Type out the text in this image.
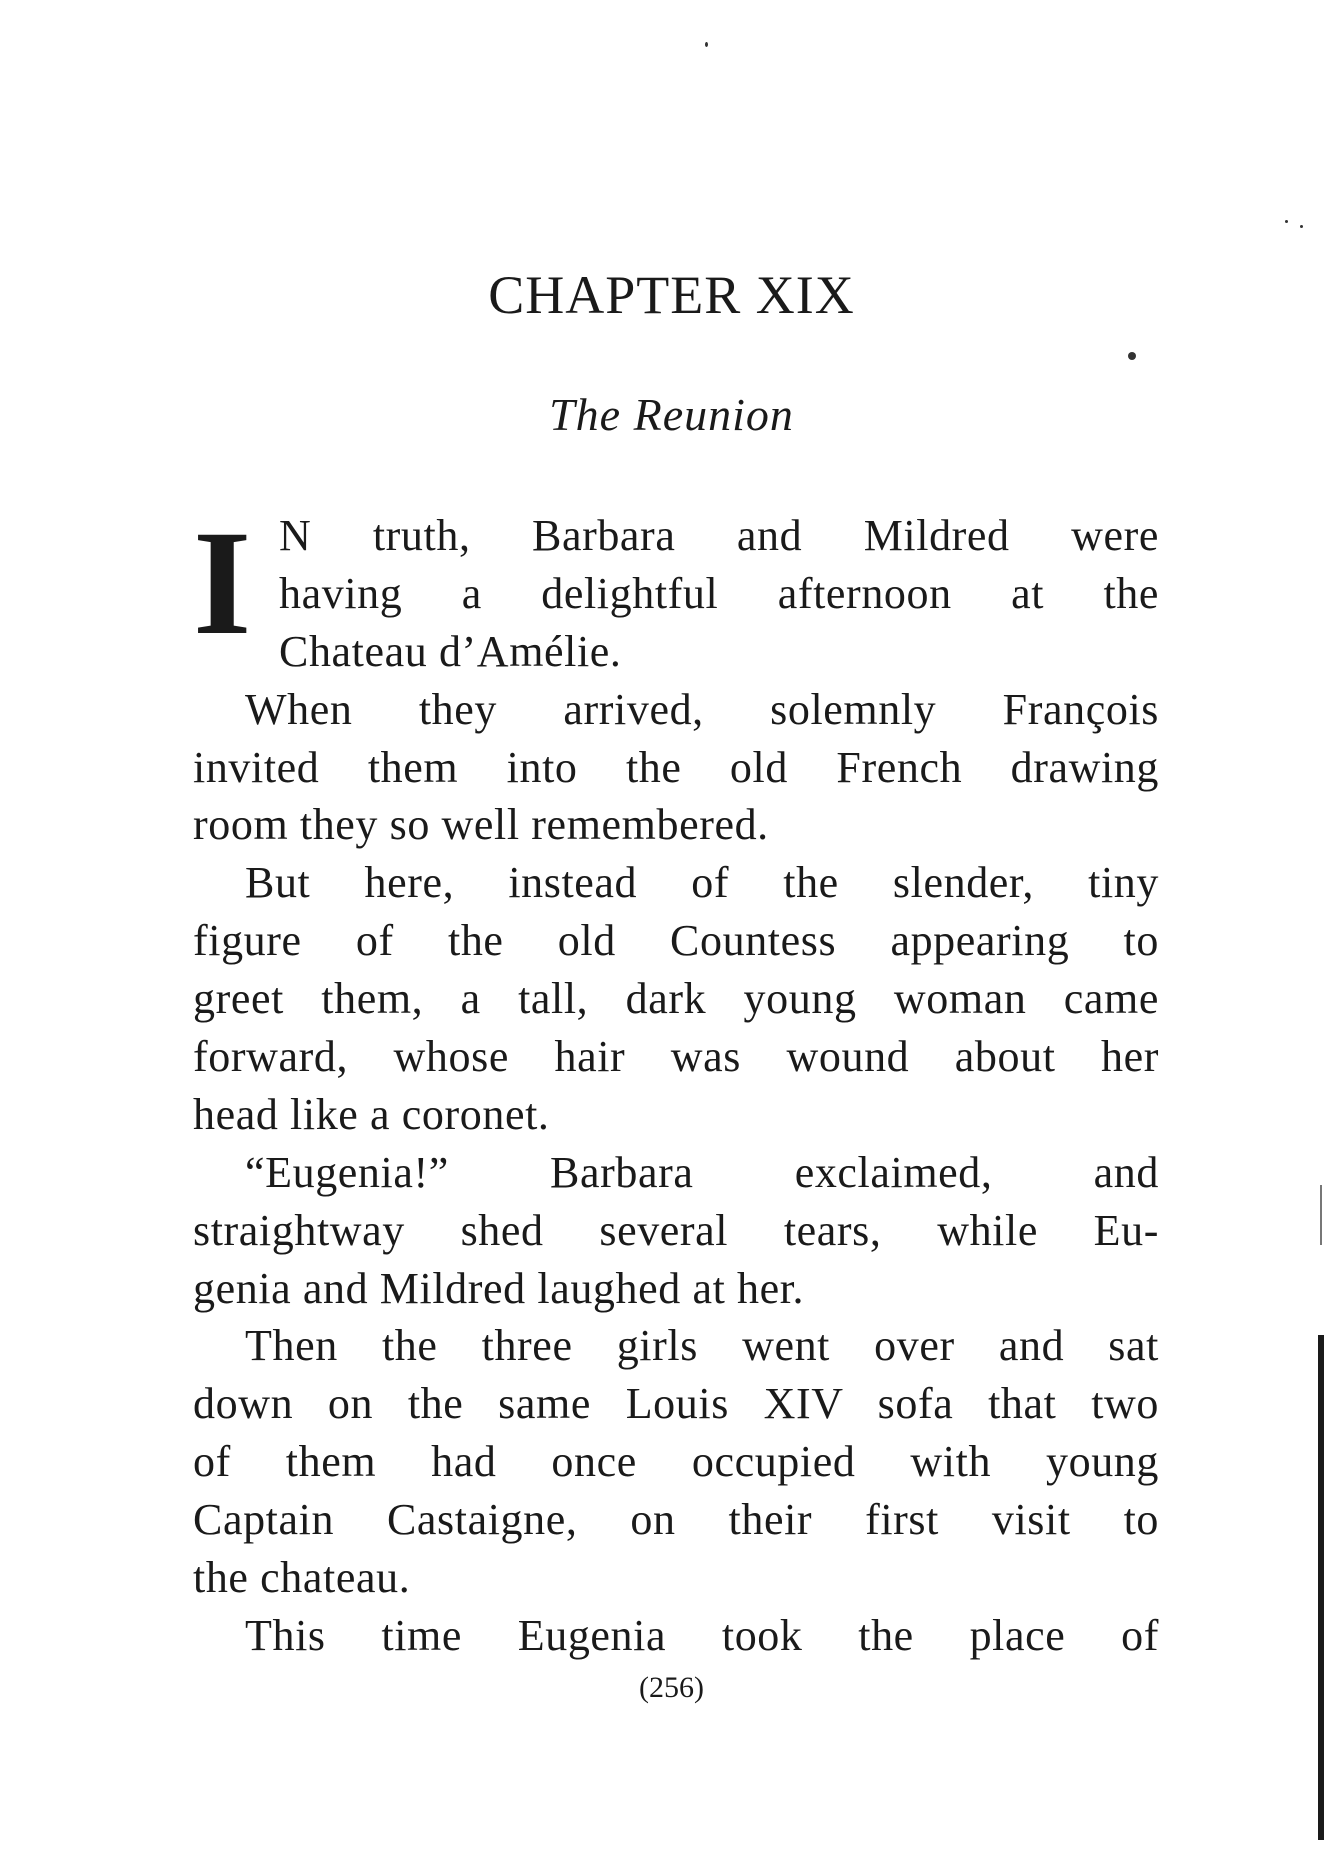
CHAPTER XIX
The Reunion
I N truth, Barbara and Mildred were
having a delightful afternoon at the
Chateau d’Amélie.
When they arrived, solemnly François
invited them into the old French drawing
room they so well remembered.
But here, instead of the slender, tiny
figure of the old Countess appearing to
greet them, a tall, dark young woman came
forward, whose hair was wound about her
head like a coronet.
“Eugenia!” Barbara exclaimed, and
straightway shed several tears, while Eu-
genia and Mildred laughed at her.
Then the three girls went over and sat
down on the same Louis XIV sofa that two
of them had once occupied with young
Captain Castaigne, on their first visit to
the chateau.
This time Eugenia took the place of
(256)
